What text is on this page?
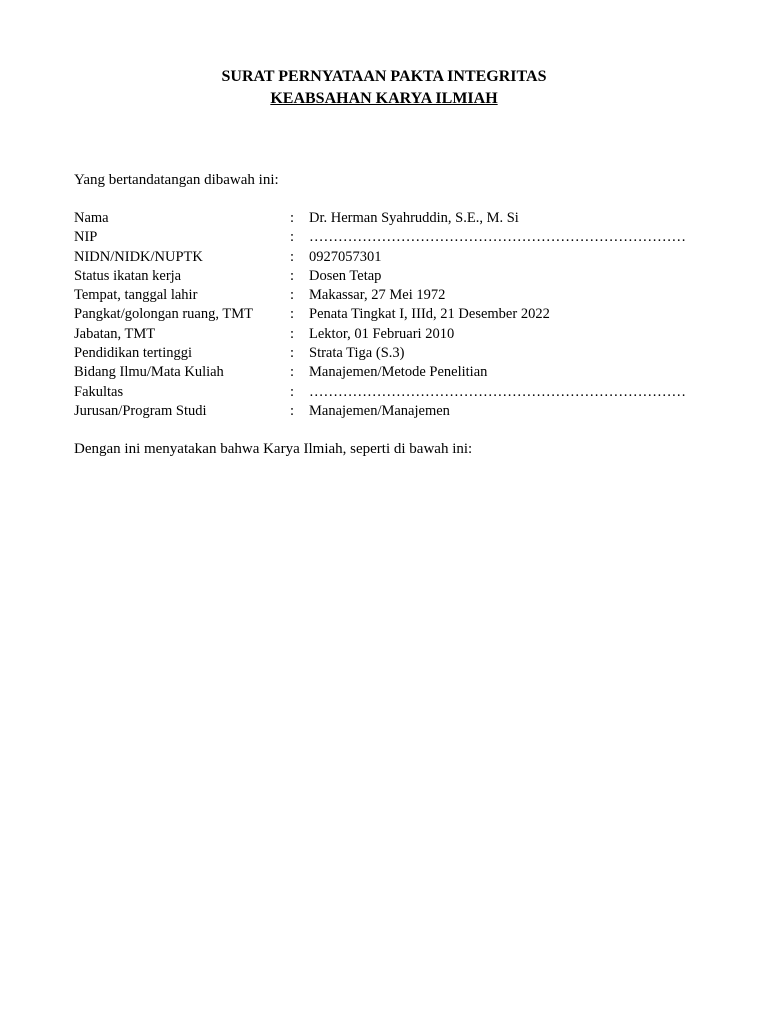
SURAT PERNYATAAN PAKTA INTEGRITAS
KEABSAHAN KARYA ILMIAH
Yang bertandatangan dibawah ini:
Nama	:	Dr. Herman Syahruddin, S.E., M. Si
NIP	:	……………………………………………………………………
NIDN/NIDK/NUPTK	:	0927057301
Status ikatan kerja	:	Dosen Tetap
Tempat, tanggal lahir	:	Makassar, 27 Mei 1972
Pangkat/golongan ruang, TMT	:	Penata Tingkat I, IIId, 21 Desember 2022
Jabatan, TMT	:	Lektor, 01 Februari 2010
Pendidikan tertinggi	:	Strata Tiga (S.3)
Bidang Ilmu/Mata Kuliah	:	Manajemen/Metode Penelitian
Fakultas	:	……………………………………………………………………
Jurusan/Program Studi	:	Manajemen/Manajemen
Dengan ini menyatakan bahwa Karya Ilmiah, seperti di bawah ini:
